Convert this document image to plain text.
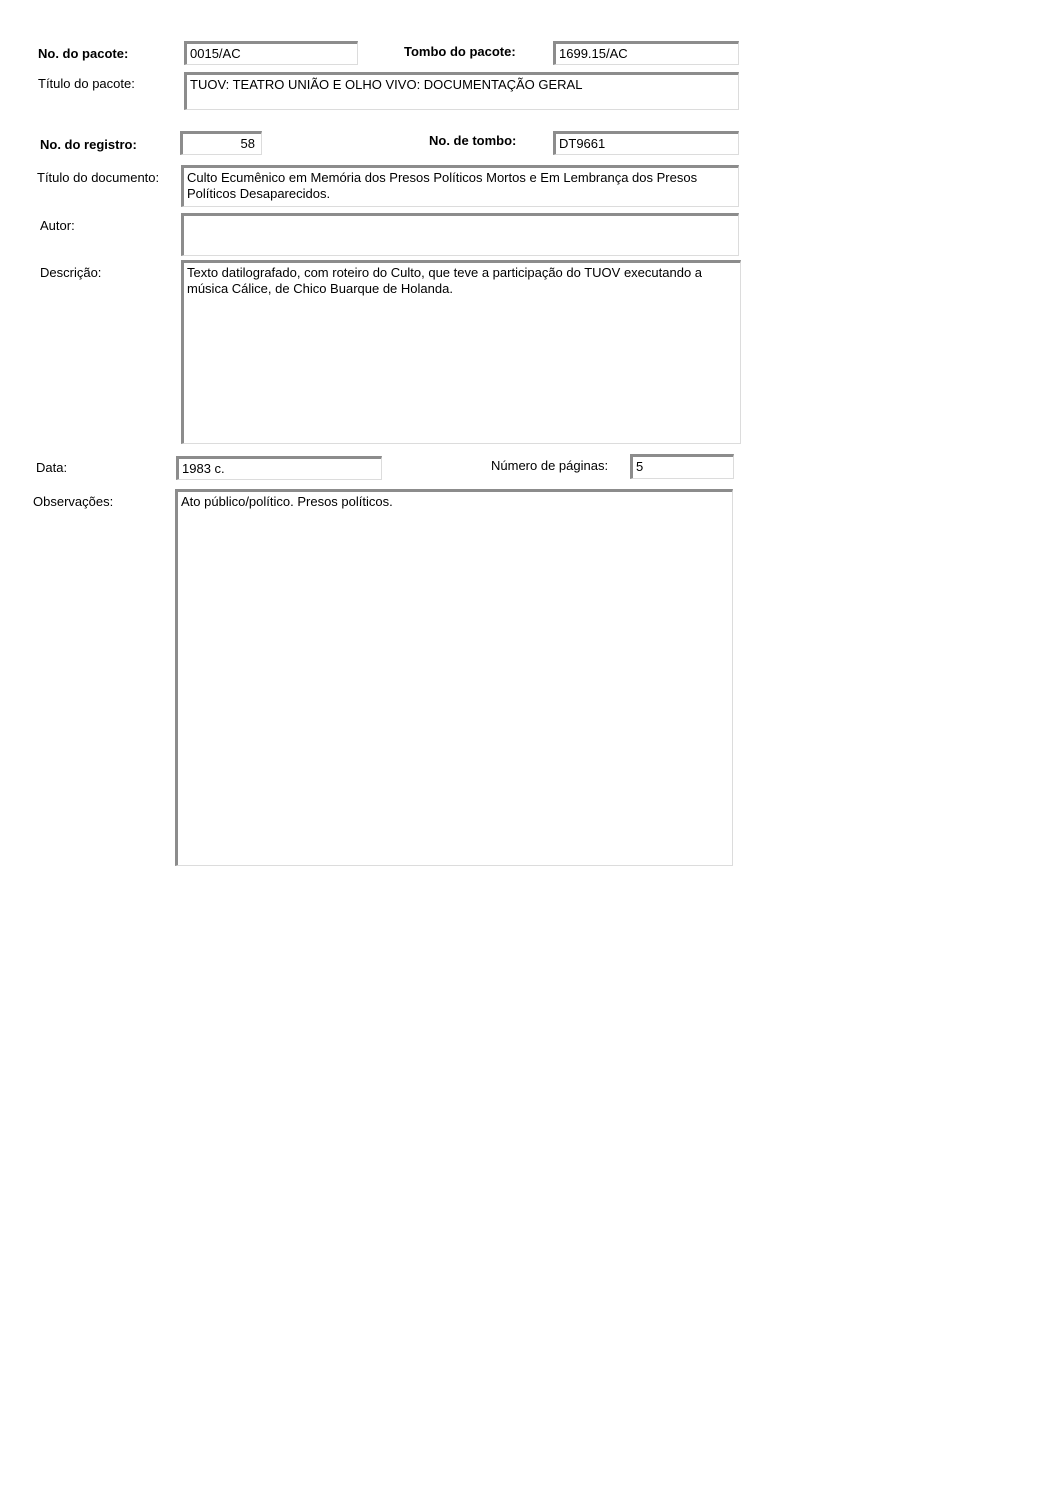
No. do pacote:	0015/AC	Tombo do pacote:	1699.15/AC
Título do pacote:	TUOV: TEATRO UNIÃO E OLHO VIVO: DOCUMENTAÇÃO GERAL
No. do registro:	58	No. de tombo:	DT9661
Título do documento:	Culto Ecumênico em Memória dos Presos Políticos Mortos e Em Lembrança dos Presos Políticos Desaparecidos.
Autor:
Descrição:	Texto datilografado, com roteiro do Culto, que teve a participação do TUOV executando a música Cálice, de Chico Buarque de Holanda.
Data:	1983 c.	Número de páginas:	5
Observações:	Ato público/político. Presos políticos.
